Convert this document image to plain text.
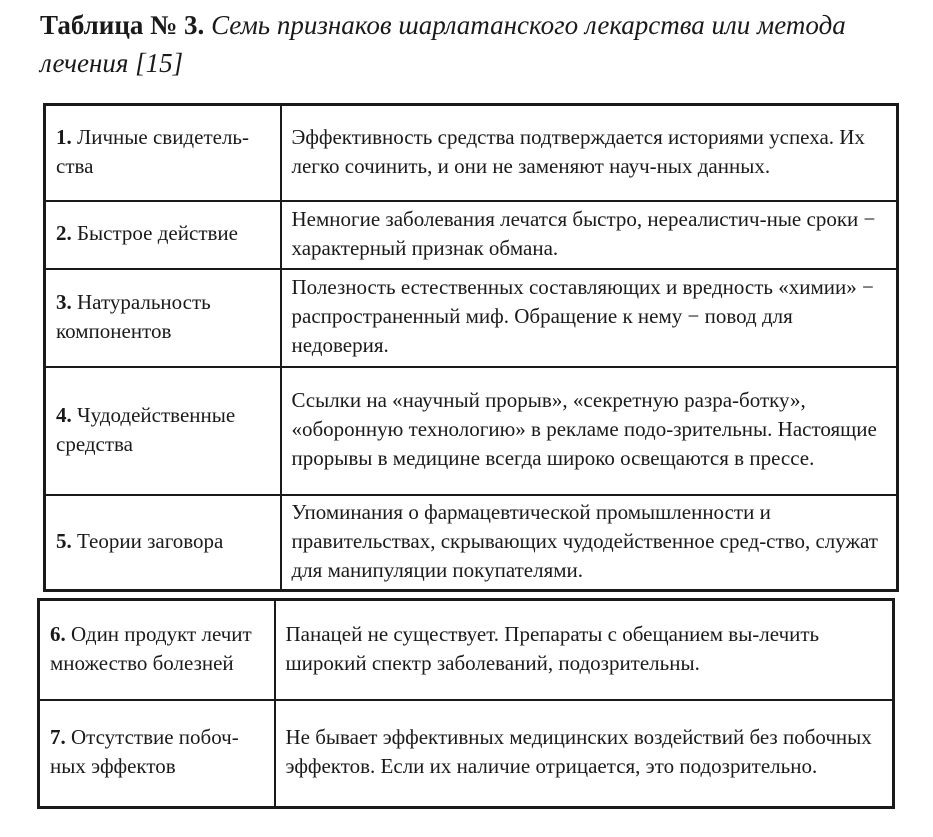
Таблица № 3. Семь признаков шарлатанского лекарства или метода лечения [15]
1. Личные свидетель-ства	Эффективность средства подтверждается историями успеха. Их легко сочинить, и они не заменяют науч-ных данных.
2. Быстрое действие	Немногие заболевания лечатся быстро, нереалистич-ные сроки − характерный признак обмана.
3. Натуральность компонентов	Полезность естественных составляющих и вредность «химии» − распространенный миф. Обращение к нему − повод для недоверия.
4. Чудодейственные средства	Ссылки на «научный прорыв», «секретную разра-ботку», «оборонную технологию» в рекламе подо-зрительны. Настоящие прорывы в медицине всегда широко освещаются в прессе.
5. Теории заговора	Упоминания о фармацевтической промышленности и правительствах, скрывающих чудодейственное сред-ство, служат для манипуляции покупателями.
6. Один продукт лечит множество болезней	Панацей не существует. Препараты с обещанием вы-лечить широкий спектр заболеваний, подозрительны.
7. Отсутствие побоч-ных эффектов	Не бывает эффективных медицинских воздействий без побочных эффектов. Если их наличие отрицается, это подозрительно.
